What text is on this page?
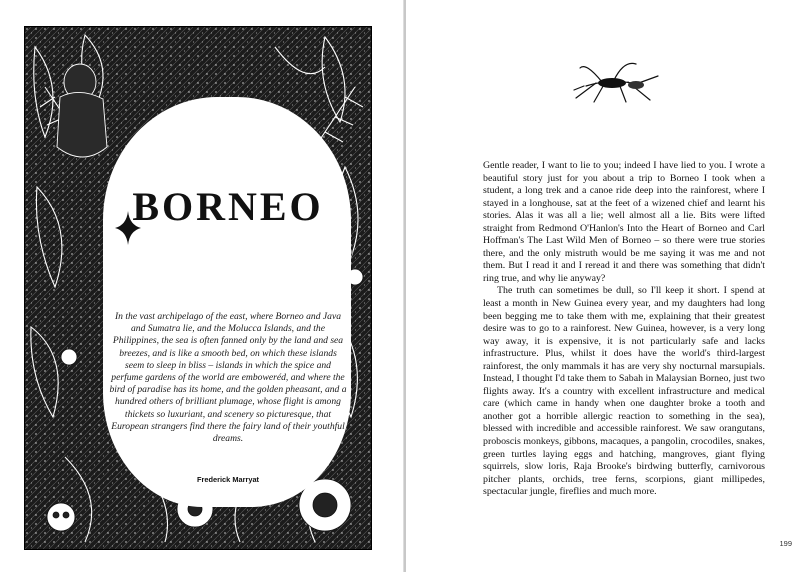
BORNEO
In the vast archipelago of the east, where Borneo and Java and Sumatra lie, and the Molucca Islands, and the Philippines, the sea is often fanned only by the land and sea breezes, and is like a smooth bed, on which these islands seem to sleep in bliss – islands in which the spice and perfume gardens of the world are emboweréd, and where the bird of paradise has its home, and the golden pheasant, and a hundred others of brilliant plumage, whose flight is among thickets so luxuriant, and scenery so picturesque, that European strangers find there the fairy land of their youthful dreams.
Frederick Marryat

Gentle reader, I want to lie to you; indeed I have lied to you. I wrote a beautiful story just for you about a trip to Borneo I took when a student, a long trek and a canoe ride deep into the rainforest, where I stayed in a longhouse, sat at the feet of a wizened chief and learnt his stories. Alas it was all a lie; well almost all a lie. Bits were lifted straight from Redmond O'Hanlon's Into the Heart of Borneo and Carl Hoffman's The Last Wild Men of Borneo – so there were true stories there, and the only mistruth would be me saying it was me and not them. But I read it and I reread it and there was something that didn't ring true, and why lie anyway?

The truth can sometimes be dull, so I'll keep it short. I spend at least a month in New Guinea every year, and my daughters had long been begging me to take them with me, explaining that their greatest desire was to go to a rainforest. New Guinea, however, is a very long way away, it is expensive, it is not particularly safe and lacks infrastructure. Plus, whilst it does have the world's third-largest rainforest, the only mammals it has are very shy nocturnal marsupials. Instead, I thought I'd take them to Sabah in Malaysian Borneo, just two flights away. It's a country with excellent infrastructure and medical care (which came in handy when one daughter broke a tooth and another got a horrible allergic reaction to something in the sea), blessed with incredible and accessible rainforest. We saw orangutans, proboscis monkeys, gibbons, macaques, a pangolin, crocodiles, snakes, green turtles laying eggs and hatching, mangroves, giant flying squirrels, slow loris, Raja Brooke's birdwing butterfly, carnivorous pitcher plants, orchids, tree ferns, scorpions, giant millipedes, spectacular jungle, fireflies and much more.

199
